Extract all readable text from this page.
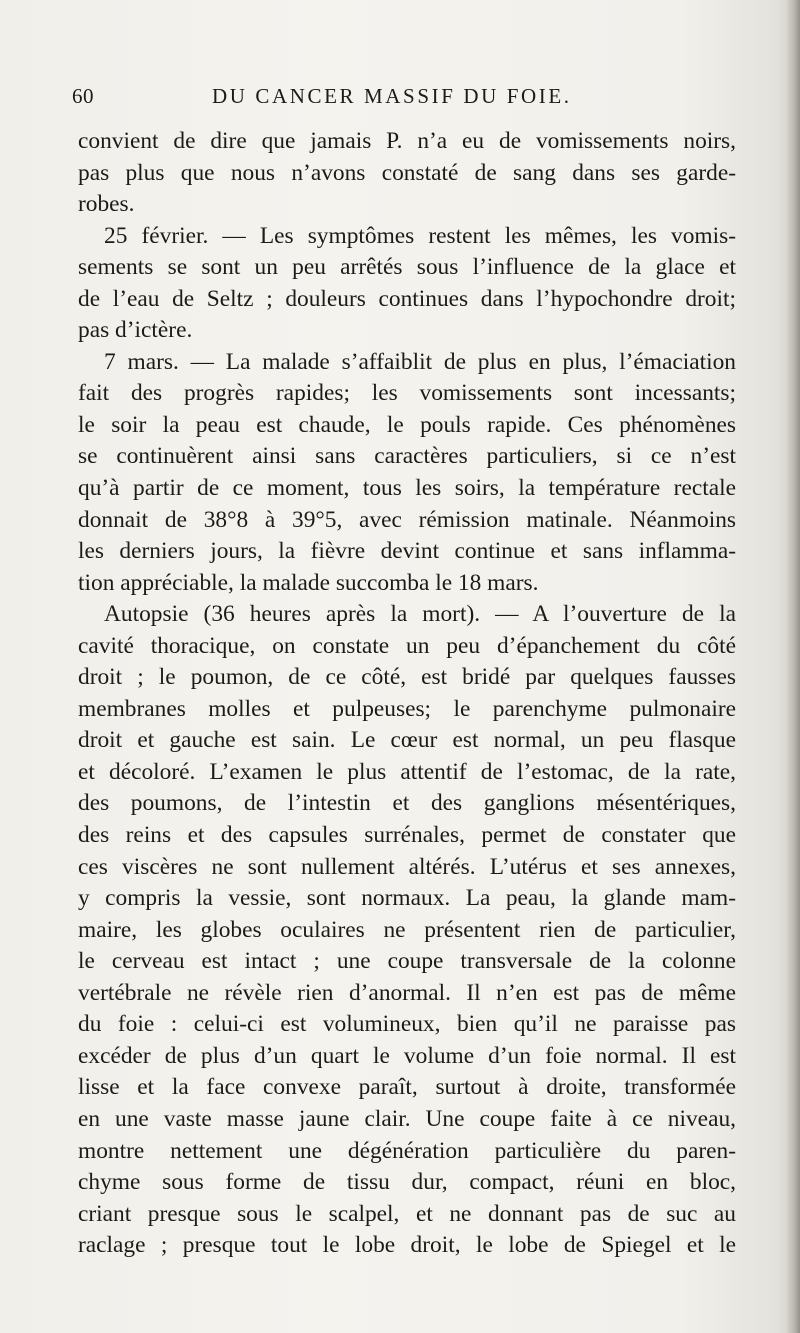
60	DU CANCER MASSIF DU FOIE.
convient de dire que jamais P. n’a eu de vomissements noirs,
pas plus que nous n’avons constaté de sang dans ses garde-
robes.
25 février. — Les symptômes restent les mêmes, les vomis-
sements se sont un peu arrêtés sous l’influence de la glace et
de l’eau de Seltz ; douleurs continues dans l’hypochondre droit;
pas d’ictère.
7 mars. — La malade s’affaiblit de plus en plus, l’émaciation
fait des progrès rapides; les vomissements sont incessants;
le soir la peau est chaude, le pouls rapide. Ces phénomènes
se continuèrent ainsi sans caractères particuliers, si ce n’est
qu’à partir de ce moment, tous les soirs, la température rectale
donnait de 38°8 à 39°5, avec rémission matinale. Néanmoins
les derniers jours, la fièvre devint continue et sans inflamma-
tion appréciable, la malade succomba le 18 mars.
Autopsie (36 heures après la mort). — A l’ouverture de la
cavité thoracique, on constate un peu d’épanchement du côté
droit ; le poumon, de ce côté, est bridé par quelques fausses
membranes molles et pulpeuses; le parenchyme pulmonaire
droit et gauche est sain. Le cœur est normal, un peu flasque
et décoloré. L’examen le plus attentif de l’estomac, de la rate,
des poumons, de l’intestin et des ganglions mésentériques,
des reins et des capsules surrénales, permet de constater que
ces viscères ne sont nullement altérés. L’utérus et ses annexes,
y compris la vessie, sont normaux. La peau, la glande mam-
maire, les globes oculaires ne présentent rien de particulier,
le cerveau est intact ; une coupe transversale de la colonne
vertébrale ne révèle rien d’anormal. Il n’en est pas de même
du foie : celui-ci est volumineux, bien qu’il ne paraisse pas
excéder de plus d’un quart le volume d’un foie normal. Il est
lisse et la face convexe paraît, surtout à droite, transformée
en une vaste masse jaune clair. Une coupe faite à ce niveau,
montre nettement une dégénération particulière du paren-
chyme sous forme de tissu dur, compact, réuni en bloc,
criant presque sous le scalpel, et ne donnant pas de suc au
raclage ; presque tout le lobe droit, le lobe de Spiegel et le
